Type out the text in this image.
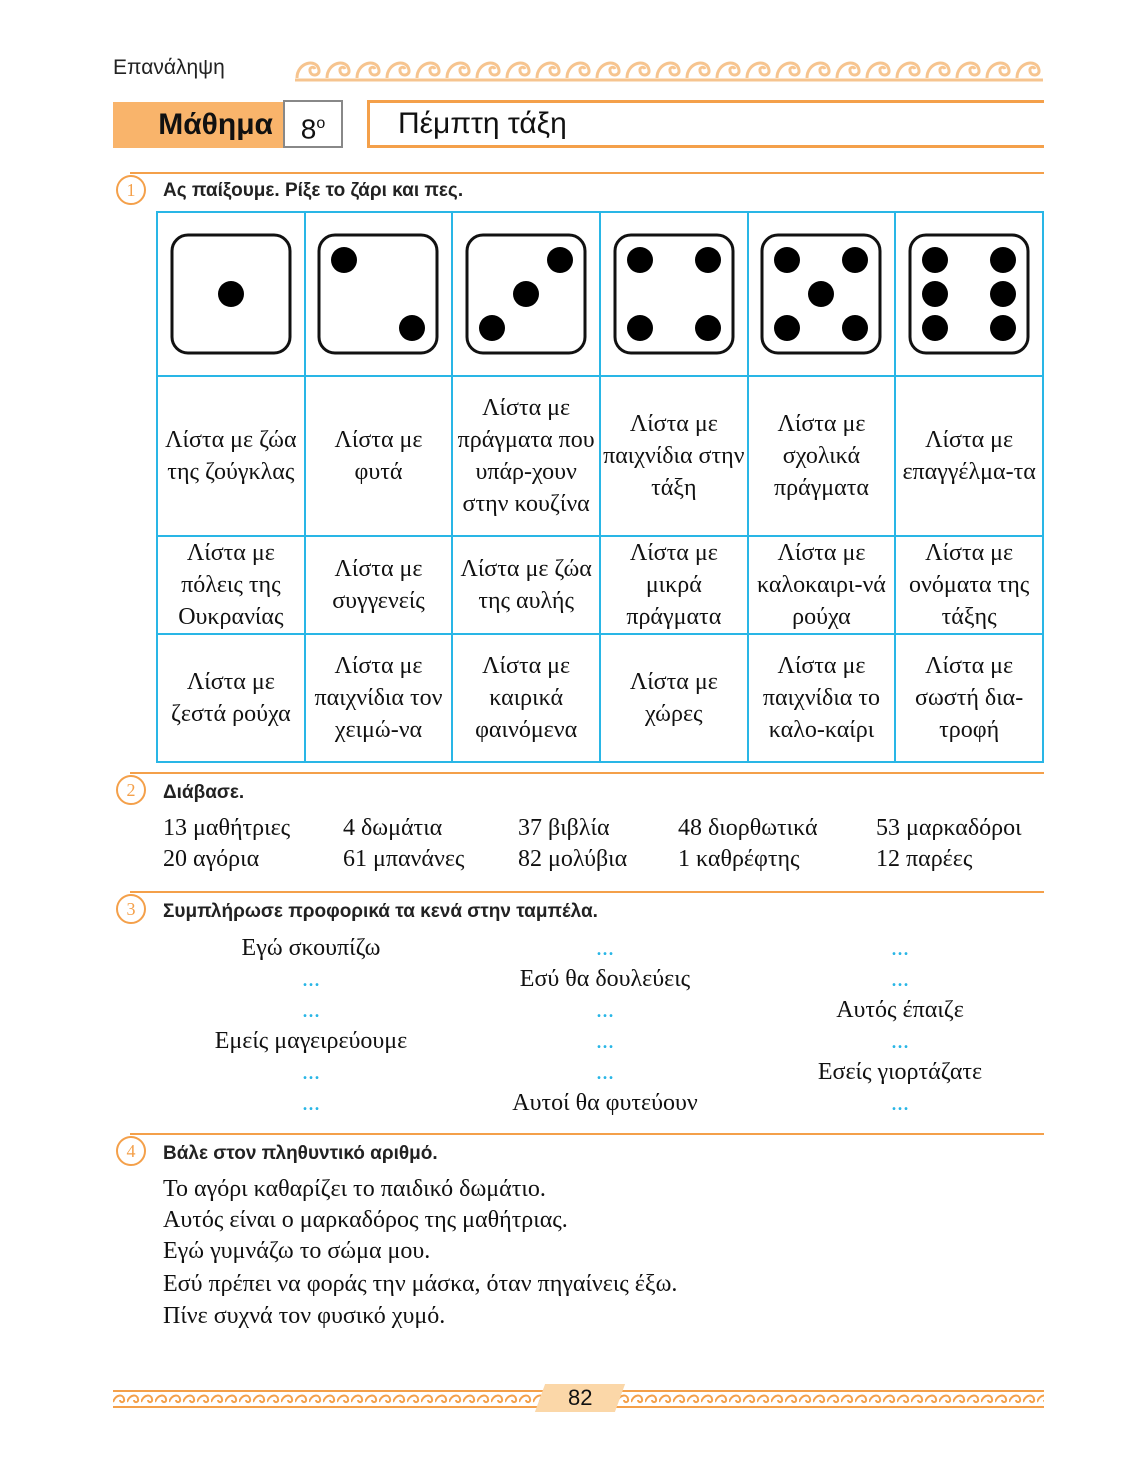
Επανάληψη
Μάθημα $8^o$	Πέμπτη τάξη
1	Ας παίξουμε. Ρίξε το ζάρι και πες.

Λίστα με ζώα της ζούγκλας	Λίστα με φυτά	Λίστα με πράγματα που υπάρ-χουν στην κουζίνα	Λίστα με παιχνίδια στην τάξη	Λίστα με σχολικά πράγματα	Λίστα με επαγγέλμα-τα
Λίστα με πόλεις της Ουκρανίας	Λίστα με συγγενείς	Λίστα με ζώα της αυλής	Λίστα με μικρά πράγματα	Λίστα με καλοκαιρι-νά ρούχα	Λίστα με ονόματα της τάξης
Λίστα με ζεστά ρούχα	Λίστα με παιχνίδια τον χειμώ-να	Λίστα με καιρικά φαινόμενα	Λίστα με χώρες	Λίστα με παιχνίδια το καλο-καίρι	Λίστα με σωστή δια-τροφή
2	Διάβασε.
13 μαθήτριες 4 δωμάτια	37 βιβλία	48 διορθωτικά 53 μαρκαδόροι
20 αγόρια	61 μπανάνες 82 μολύβια 1 καθρέφτης	12 παρέες
3	Συμπλήρωσε προφορικά τα κενά στην ταμπέλα.
Εγώ σκουπίζω	...	...
...	Εσύ θα δουλεύεις	...
...	...	Αυτός έπαιζε
Εμείς μαγειρεύουμε	...	...
...	...	Εσείς γιορτάζατε
...	Αυτοί θα φυτεύουν	...
4	Βάλε στον πληθυντικό αριθμό.
Το αγόρι καθαρίζει το παιδικό δωμάτιο.
Αυτός είναι ο μαρκαδόρος της μαθήτριας.
Εγώ γυμνάζω το σώμα μου.
Εσύ πρέπει να φοράς την μάσκα, όταν πηγαίνεις έξω.
Πίνε συχνά τον φυσικό χυμό.
82
